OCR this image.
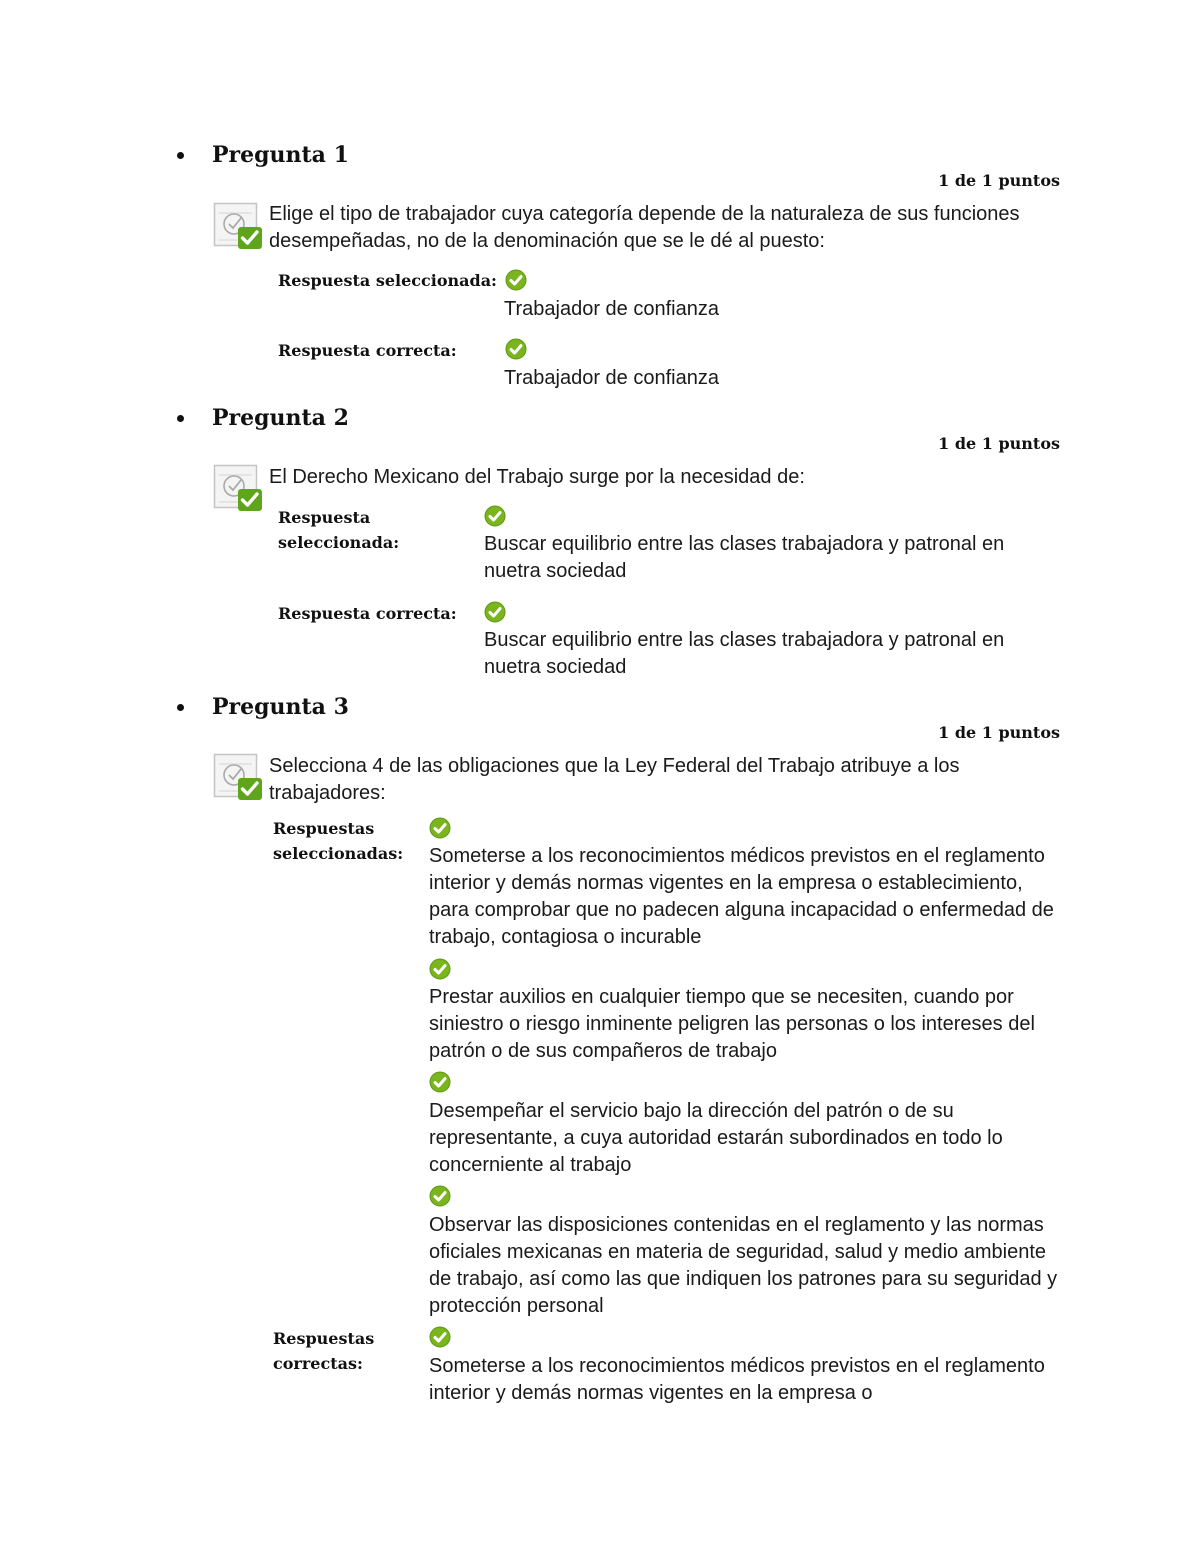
Pregunta 1
1 de 1 puntos
Elige el tipo de trabajador cuya categoría depende de la naturaleza de sus funciones desempeñadas, no de la denominación que se le dé al puesto:
Respuesta seleccionada:
Trabajador de confianza
Respuesta correcta:
Trabajador de confianza
Pregunta 2
1 de 1 puntos
El Derecho Mexicano del Trabajo surge por la necesidad de:
Respuesta seleccionada:	Buscar equilibrio entre las clases trabajadora y patronal en nuetra sociedad
Respuesta correcta:
Buscar equilibrio entre las clases trabajadora y patronal en nuetra sociedad
Pregunta 3
1 de 1 puntos
Selecciona 4 de las obligaciones que la Ley Federal del Trabajo atribuye a los trabajadores:
Respuestas seleccionadas: Someterse a los reconocimientos médicos previstos en el reglamento interior y demás normas vigentes en la empresa o establecimiento, para comprobar que no padecen alguna incapacidad o enfermedad de trabajo, contagiosa o incurable
Prestar auxilios en cualquier tiempo que se necesiten, cuando por siniestro o riesgo inminente peligren las personas o los intereses del patrón o de sus compañeros de trabajo
Desempeñar el servicio bajo la dirección del patrón o de su representante, a cuya autoridad estarán subordinados en todo lo concerniente al trabajo
Observar las disposiciones contenidas en el reglamento y las normas oficiales mexicanas en materia de seguridad, salud y medio ambiente de trabajo, así como las que indiquen los patrones para su seguridad y protección personal
Respuestas correctas:	Someterse a los reconocimientos médicos previstos en el reglamento interior y demás normas vigentes en la empresa o
